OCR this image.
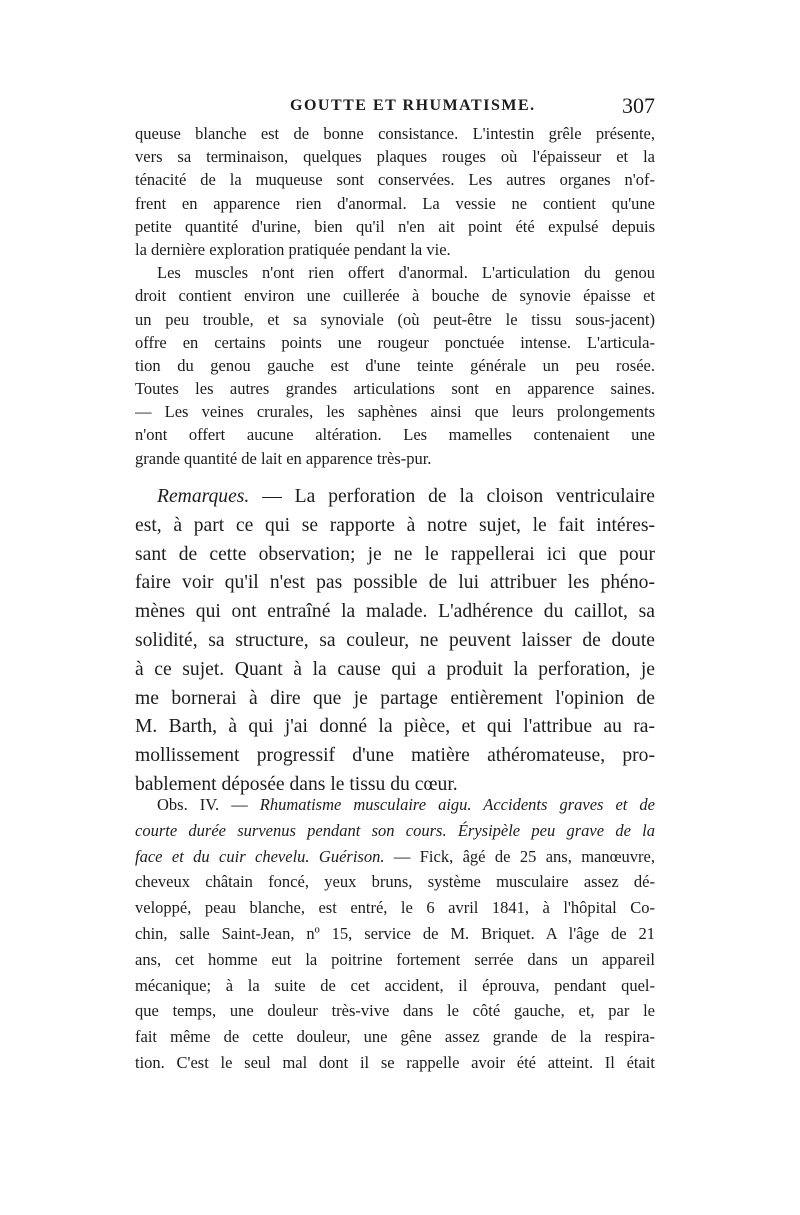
GOUTTE ET RHUMATISME.	307
queuse blanche est de bonne consistance. L'intestin grêle présente,
vers sa terminaison, quelques plaques rouges où l'épaisseur et la
ténacité de la muqueuse sont conservées. Les autres organes n'of-
frent en apparence rien d'anormal. La vessie ne contient qu'une
petite quantité d'urine, bien qu'il n'en ait point été expulsé depuis
la dernière exploration pratiquée pendant la vie.
Les muscles n'ont rien offert d'anormal. L'articulation du genou
droit contient environ une cuillerée à bouche de synovie épaisse et
un peu trouble, et sa synoviale (où peut-être le tissu sous-jacent)
offre en certains points une rougeur ponctuée intense. L'articula-
tion du genou gauche est d'une teinte générale un peu rosée.
Toutes les autres grandes articulations sont en apparence saines.
— Les veines crurales, les saphènes ainsi que leurs prolongements
n'ont offert aucune altération. Les mamelles contenaient une
grande quantité de lait en apparence très-pur.
Remarques. — La perforation de la cloison ventriculaire
est, à part ce qui se rapporte à notre sujet, le fait intéres-
sant de cette observation; je ne le rappellerai ici que pour
faire voir qu'il n'est pas possible de lui attribuer les phéno-
mènes qui ont entraîné la malade. L'adhérence du caillot, sa
solidité, sa structure, sa couleur, ne peuvent laisser de doute
à ce sujet. Quant à la cause qui a produit la perforation, je
me bornerai à dire que je partage entièrement l'opinion de
M. Barth, à qui j'ai donné la pièce, et qui l'attribue au ra-
mollissement progressif d'une matière athéromateuse, pro-
bablement déposée dans le tissu du cœur.
Obs. IV. — Rhumatisme musculaire aigu. Accidents graves et de
courte durée survenus pendant son cours. Érysipèle peu grave de la
face et du cuir chevelu. Guérison. — Fick, âgé de 25 ans, manœuvre,
cheveux châtain foncé, yeux bruns, système musculaire assez dé-
veloppé, peau blanche, est entré, le 6 avril 1841, à l'hôpital Co-
chin, salle Saint-Jean, nº 15, service de M. Briquet. A l'âge de 21
ans, cet homme eut la poitrine fortement serrée dans un appareil
mécanique; à la suite de cet accident, il éprouva, pendant quel-
que temps, une douleur très-vive dans le côté gauche, et, par le
fait même de cette douleur, une gêne assez grande de la respira-
tion. C'est le seul mal dont il se rappelle avoir été atteint. Il était
